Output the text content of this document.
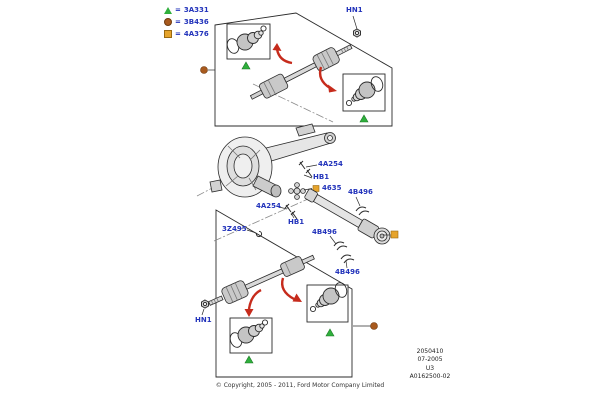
= 3A331
= 3B436
= 4A376
HN1
4A254
HB1
4635 4B496
4A254
HB1
4B496
3Z495
4B496
HN1
2050410
07-2005
U3
A0162500-02
© Copyright, 2005 - 2011, Ford Motor Company Limited
